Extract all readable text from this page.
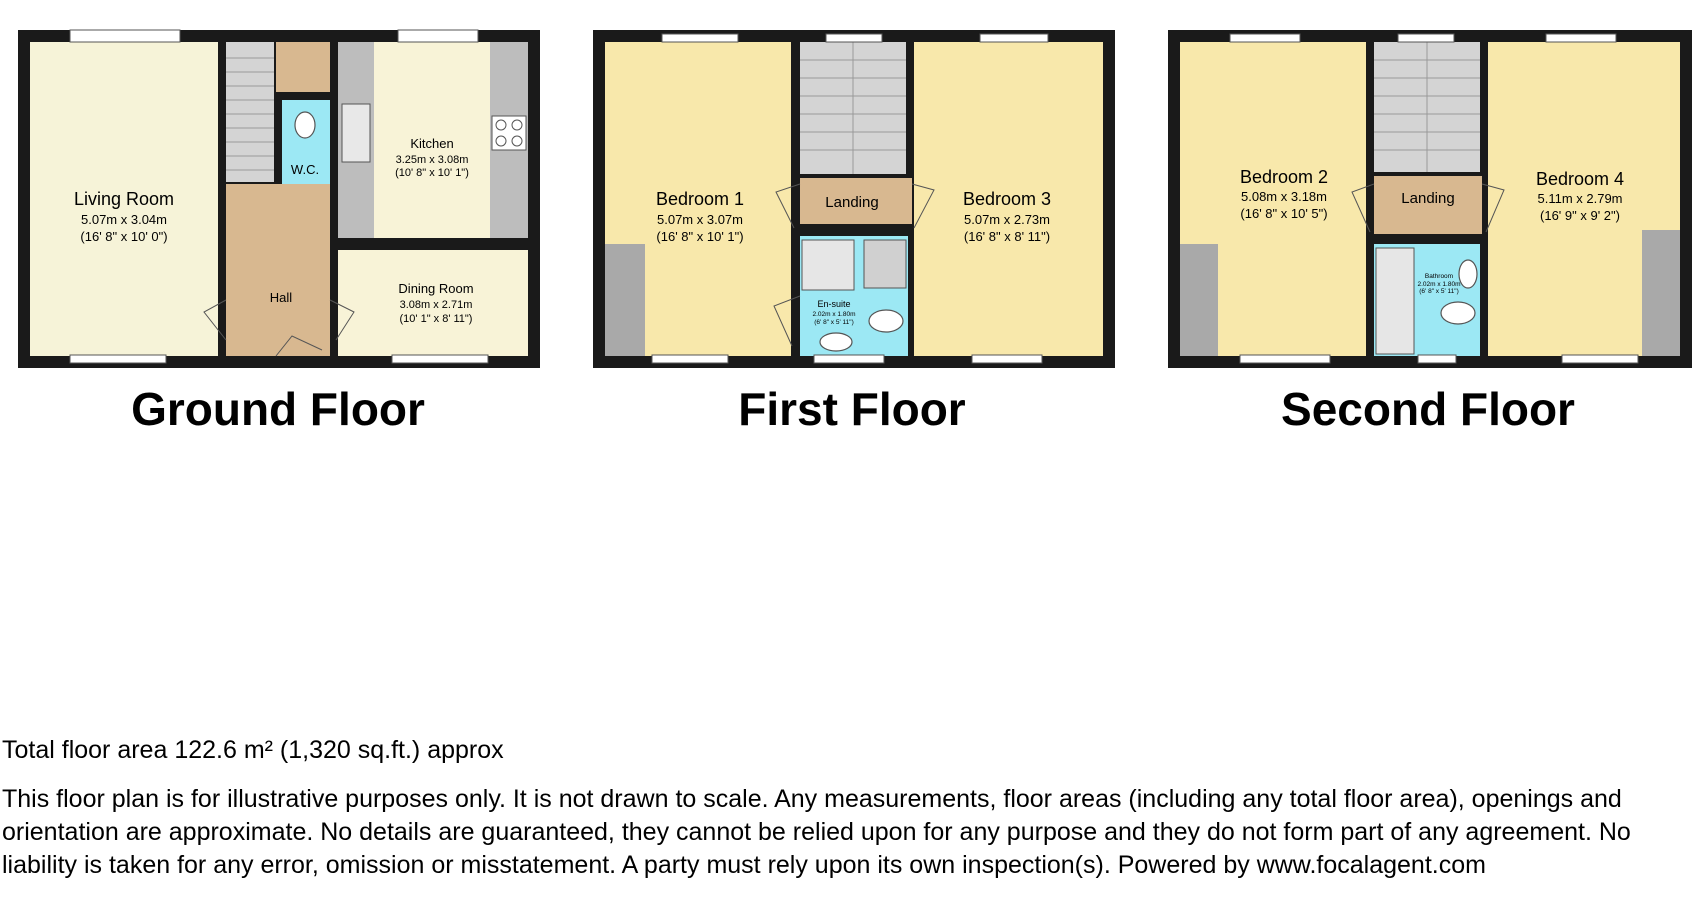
Living Room
5.07m x 3.04m
(16' 8" x 10' 0")
W.C.
Kitchen
3.25m x 3.08m
(10' 8" x 10' 1")
Hall
Dining Room
3.08m x 2.71m
(10' 1" x 8' 11")
Ground Floor
Bedroom 1
5.07m x 3.07m
(16' 8" x 10' 1")
Landing	Bedroom 3
5.07m x 2.73m
(16' 8" x 8' 11")
En-suite
2.02m x 1.80m
(6' 8" x 5' 11")
First Floor
Bedroom 2
5.08m x 3.18m
(16' 8" x 10' 5")
Landing
Bedroom 4
5.11m x 2.79m
(16' 9" x 9' 2")
Bathroom
2.02m x 1.80m
(6' 8" x 5' 11")
Second Floor

Total floor area 122.6 m² (1,320 sq.ft.) approx

This floor plan is for illustrative purposes only. It is not drawn to scale. Any measurements, floor areas (including any total floor area), openings and orientation are approximate. No details are guaranteed, they cannot be relied upon for any purpose and they do not form part of any agreement. No liability is taken for any error, omission or misstatement. A party must rely upon its own inspection(s). Powered by www.focalagent.com
